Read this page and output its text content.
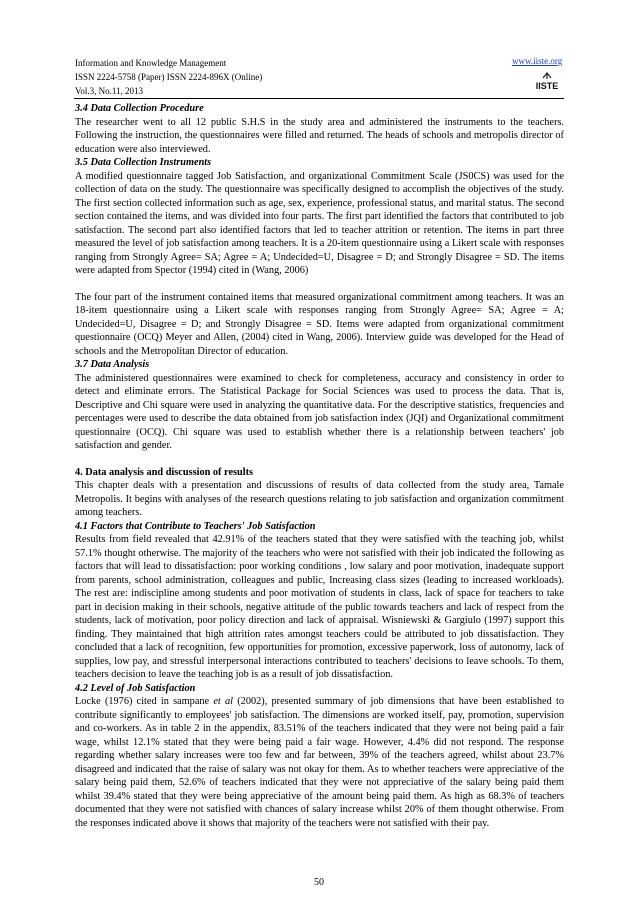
Information and Knowledge Management
ISSN 2224-5758 (Paper) ISSN 2224-896X (Online)
Vol.3, No.11, 2013
www.iiste.org
IISTE

3.4 Data Collection Procedure

The researcher went to all 12 public S.H.S in the study area and administered the instruments to the teachers. Following the instruction, the questionnaires were filled and returned. The heads of schools and metropolis director of education were also interviewed.

3.5 Data Collection Instruments

A modified questionnaire tagged Job Satisfaction, and organizational Commitment Scale (JS0CS) was used for the collection of data on the study. The questionnaire was specifically designed to accomplish the objectives of the study. The first section collected information such as age, sex, experience, professional status, and marital status. The second section contained the items, and was divided into four parts. The first part identified the factors that contributed to job satisfaction. The second part also identified factors that led to teacher attrition or retention. The items in part three measured the level of job satisfaction among teachers. It is a 20-item questionnaire using a Likert scale with responses ranging from Strongly Agree= SA; Agree = A; Undecided=U, Disagree = D; and Strongly Disagree = SD. The items were adapted from Spector (1994) cited in (Wang, 2006)

The four part of the instrument contained items that measured organizational commitment among teachers. It was an 18-item questionnaire using a Likert scale with responses ranging from Strongly Agree= SA; Agree = A; Undecided=U, Disagree = D; and Strongly Disagree = SD. Items were adapted from organizational commitment questionnaire (OCQ) Meyer and Allen, (2004) cited in Wang, 2006). Interview guide was developed for the Head of schools and the Metropolitan Director of education.

3.7 Data Analysis

The administered questionnaires were examined to check for completeness, accuracy and consistency in order to detect and eliminate errors. The Statistical Package for Social Sciences was used to process the data. That is, Descriptive and Chi square were used in analyzing the quantitative data. For the descriptive statistics, frequencies and percentages were used to describe the data obtained from job satisfaction index (JQI) and Organizational commitment questionnaire (OCQ). Chi square was used to establish whether there is a relationship between teachers' job satisfaction and gender.

4. Data analysis and discussion of results

This chapter deals with a presentation and discussions of results of data collected from the study area, Tamale Metropolis. It begins with analyses of the research questions relating to job satisfaction and organization commitment among teachers.

4.1 Factors that Contribute to Teachers' Job Satisfaction

Results from field revealed that 42.91% of the teachers stated that they were satisfied with the teaching job, whilst 57.1% thought otherwise. The majority of the teachers who were not satisfied with their job indicated the following as factors that will lead to dissatisfaction: poor working conditions , low salary and poor motivation, inadequate support from parents, school administration, colleagues and public, Increasing class sizes (leading to increased workloads). The rest are: indiscipline among students and poor motivation of students in class, lack of space for teachers to take part in decision making in their schools, negative attitude of the public towards teachers and lack of respect from the students, lack of motivation, poor policy direction and lack of appraisal. Wisniewski & Gargiulo (1997) support this finding. They maintained that high attrition rates amongst teachers could be attributed to job dissatisfaction. They concluded that a lack of recognition, few opportunities for promotion, excessive paperwork, loss of autonomy, lack of supplies, low pay, and stressful interpersonal interactions contributed to teachers' decisions to leave schools. To them, teachers decision to leave the teaching job is as a result of job dissatisfaction.

4.2 Level of Job Satisfaction

Locke (1976) cited in sampane et al (2002), presented summary of job dimensions that have been established to contribute significantly to employees' job satisfaction. The dimensions are worked itself, pay, promotion, supervision and co-workers. As in table 2 in the appendix, 83.51% of the teachers indicated that they were not being paid a fair wage, whilst 12.1% stated that they were being paid a fair wage. However, 4.4% did not respond. The response regarding whether salary increases were too few and far between, 39% of the teachers agreed, whilst about 23.7% disagreed and indicated that the raise of salary was not okay for them. As to whether teachers were appreciative of the salary being paid them, 52.6% of teachers indicated that they were not appreciative of the salary being paid them whilst 39.4% stated that they were being appreciative of the amount being paid them. As high as 68.3% of teachers documented that they were not satisfied with chances of salary increase whilst 20% of them thought otherwise. From the responses indicated above it shows that majority of the teachers were not satisfied with their pay.

50
